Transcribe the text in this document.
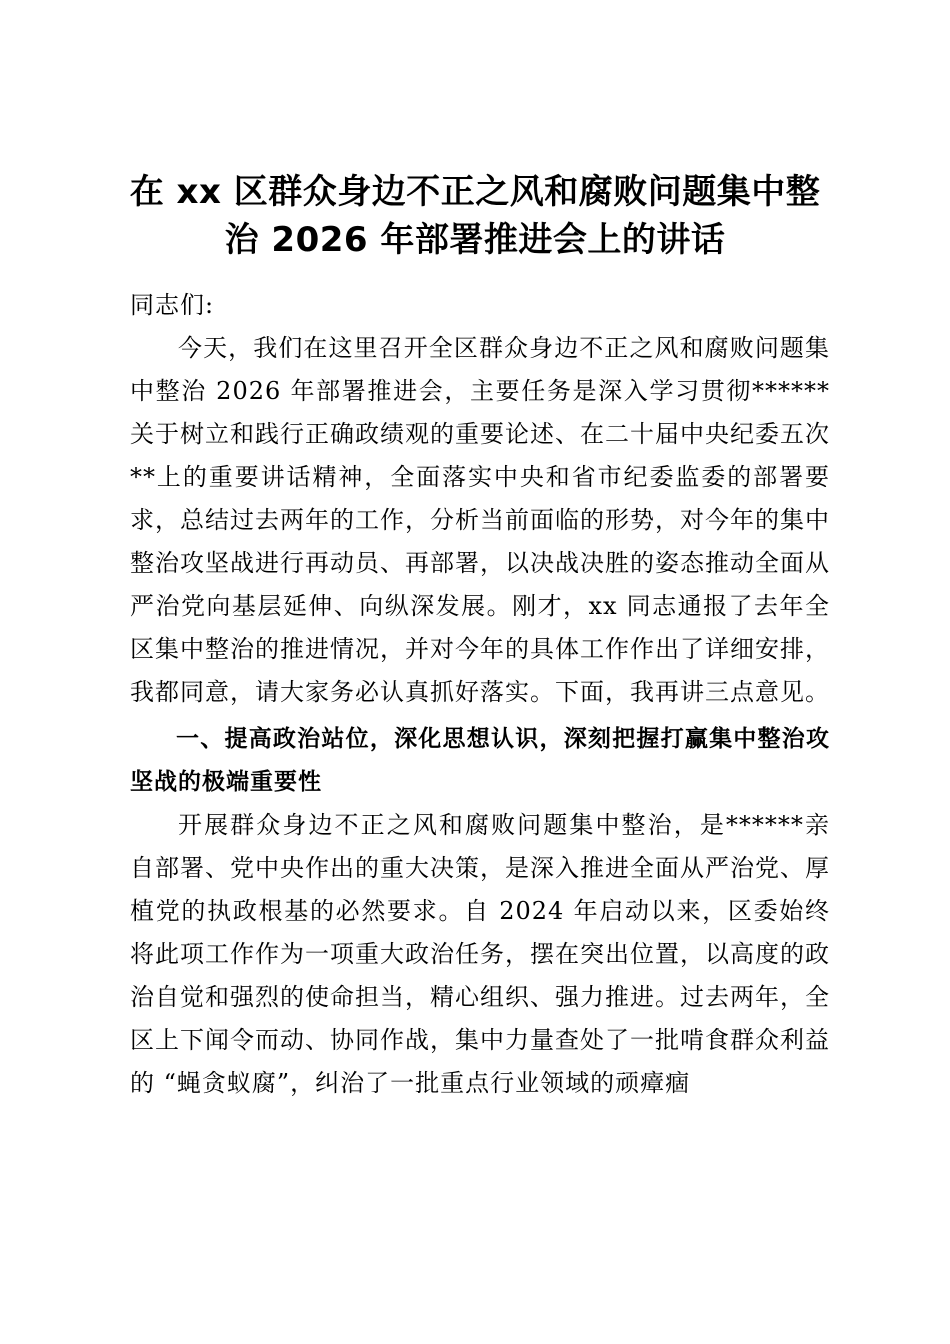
在 xx 区群众身边不正之风和腐败问题集中整
治 2026 年部署推进会上的讲话

同志们:

今天，我们在这里召开全区群众身边不正之风和腐败问题集中整治 2026 年部署推进会，主要任务是深入学习贯彻******关于树立和践行正确政绩观的重要论述、在二十届中央纪委五次**上的重要讲话精神，全面落实中央和省市纪委监委的部署要求，总结过去两年的工作，分析当前面临的形势，对今年的集中整治攻坚战进行再动员、再部署，以决战决胜的姿态推动全面从严治党向基层延伸、向纵深发展。刚才，xx 同志通报了去年全区集中整治的推进情况，并对今年的具体工作作出了详细安排，我都同意，请大家务必认真抓好落实。下面，我再讲三点意见。

一、提高政治站位，深化思想认识，深刻把握打赢集中整治攻坚战的极端重要性

开展群众身边不正之风和腐败问题集中整治，是******亲自部署、党中央作出的重大决策，是深入推进全面从严治党、厚植党的执政根基的必然要求。自 2024 年启动以来，区委始终将此项工作作为一项重大政治任务，摆在突出位置，以高度的政治自觉和强烈的使命担当，精心组织、强力推进。过去两年，全区上下闻令而动、协同作战，集中力量查处了一批啃食群众利益的 “蝇贪蚁腐”，纠治了一批重点行业领域的顽瘴痼
